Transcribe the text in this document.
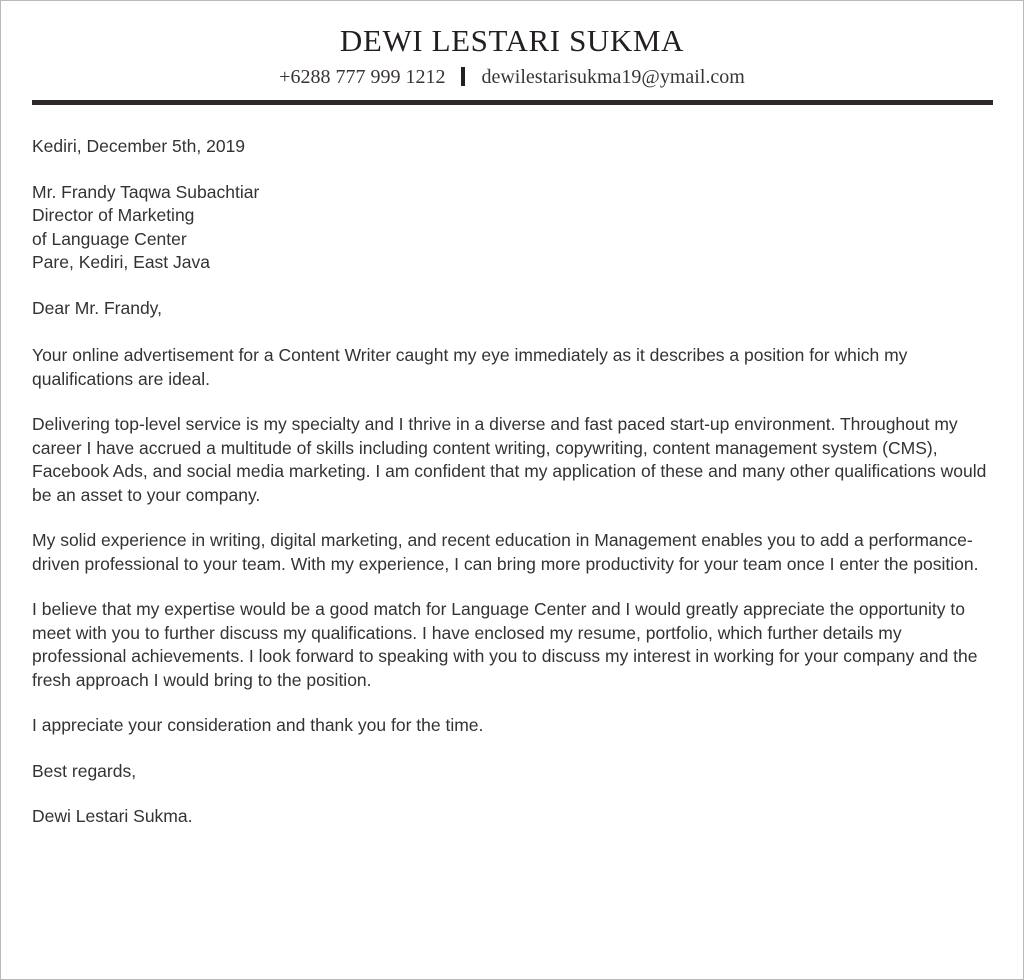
DEWI LESTARI SUKMA
+6288 777 999 1212 dewilestarisukma19@ymail.com

Kediri, December 5th, 2019

Mr. Frandy Taqwa Subachtiar
Director of Marketing
of Language Center
Pare, Kediri, East Java

Dear Mr. Frandy,

Your online advertisement for a Content Writer caught my eye immediately as it describes a position for which my qualifications are ideal.

Delivering top-level service is my specialty and I thrive in a diverse and fast paced start-up environment. Throughout my career I have accrued a multitude of skills including content writing, copywriting, content management system (CMS), Facebook Ads, and social media marketing. I am confident that my application of these and many other qualifications would be an asset to your company.

My solid experience in writing, digital marketing, and recent education in Management enables you to add a performance-driven professional to your team. With my experience, I can bring more productivity for your team once I enter the position.

I believe that my expertise would be a good match for Language Center and I would greatly appreciate the opportunity to meet with you to further discuss my qualifications. I have enclosed my resume, portfolio, which further details my professional achievements. I look forward to speaking with you to discuss my interest in working for your company and the fresh approach I would bring to the position.

I appreciate your consideration and thank you for the time.

Best regards,

Dewi Lestari Sukma.
